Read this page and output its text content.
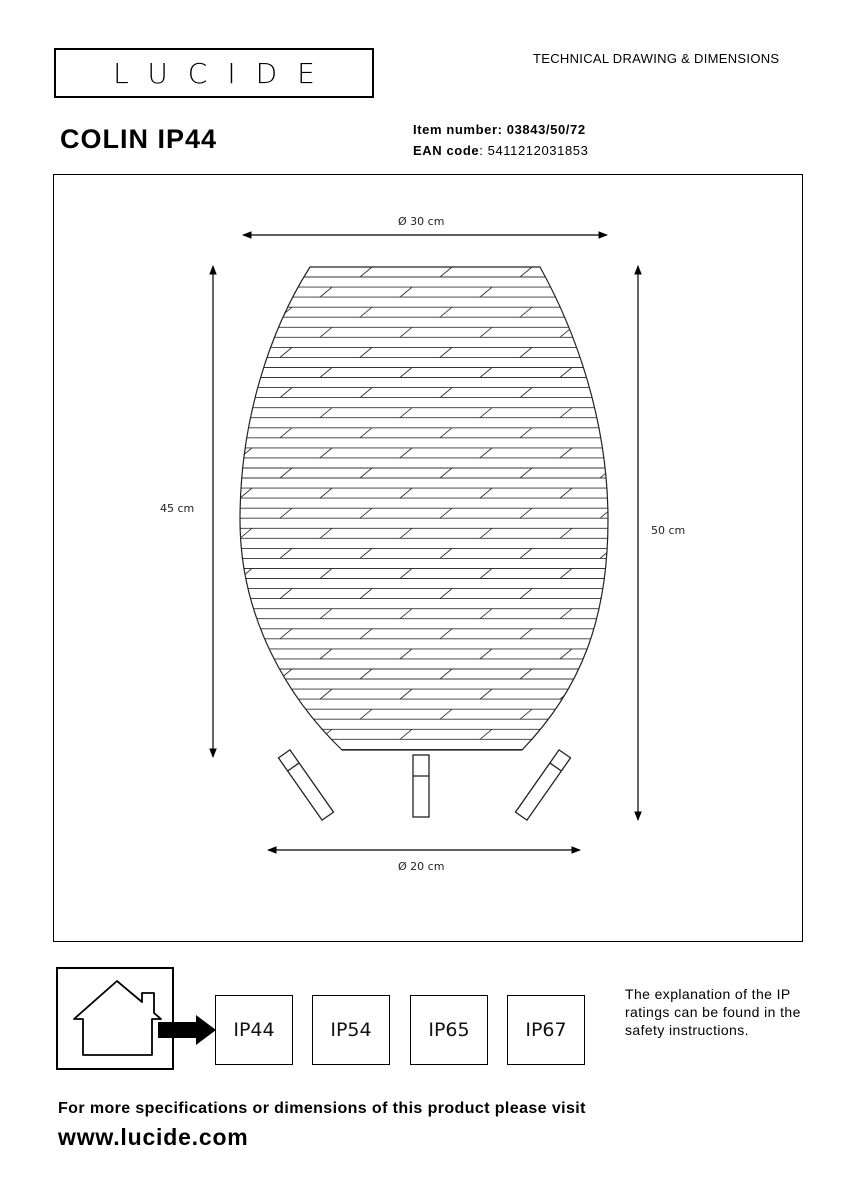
LUCIDE	TECHNICAL DRAWING & DIMENSIONS
COLIN IP44	Item number: 03843/50/72
EAN code: 5411212031853
Ø 30 cm
Ø 20 cm
45 cm
50 cm
IP44	IP54	IP65	IP67
The explanation of the IP ratings can be found in the safety instructions.
For more specifications or dimensions of this product please visit
www.lucide.com
